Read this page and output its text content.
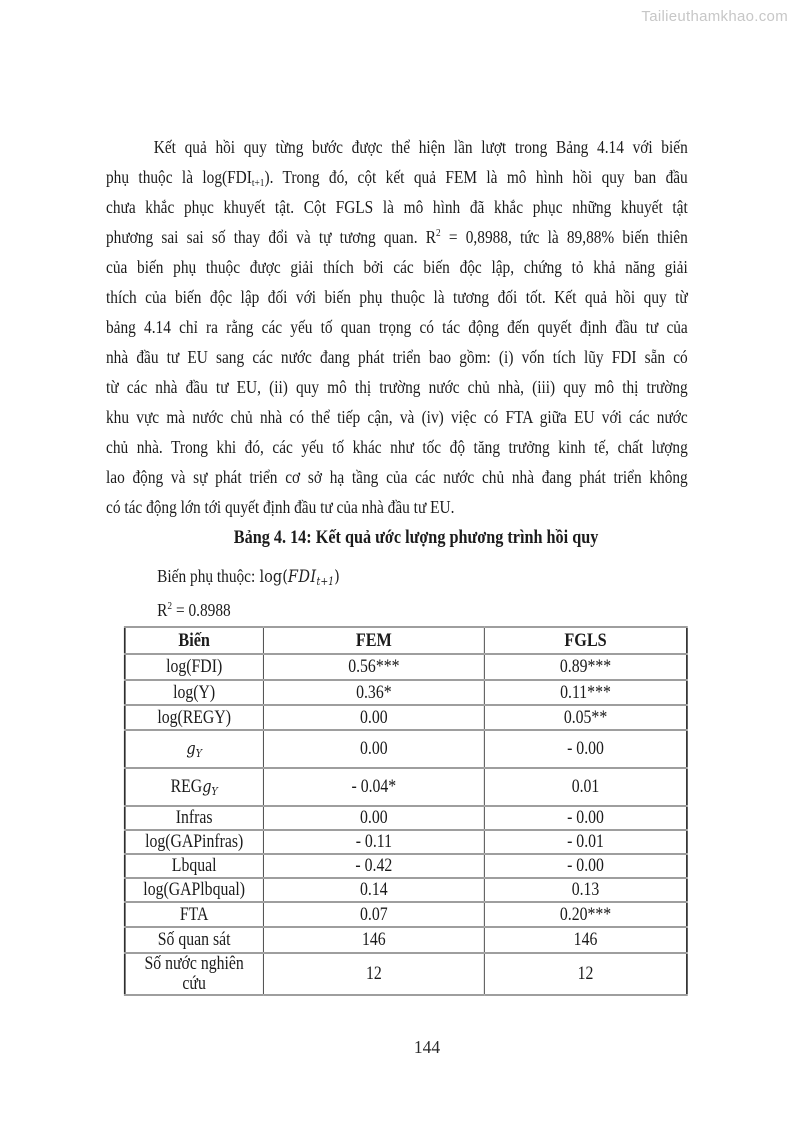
Tailieuthamkhao.com
Kết quả hồi quy từng bước được thể hiện lần lượt trong Bảng 4.14 với biến
phụ thuộc là $\log(FDI_{t+1})$. Trong đó, cột kết quả FEM là mô hình hồi quy ban đầu
chưa khắc phục khuyết tật. Cột FGLS là mô hình đã khắc phục những khuyết tật
phương sai sai số thay đổi và tự tương quan. $R^2 = 0,8988$, tức là 89,88% biến thiên
của biến phụ thuộc được giải thích bởi các biến độc lập, chứng tỏ khả năng giải
thích của biến độc lập đối với biến phụ thuộc là tương đối tốt. Kết quả hồi quy từ
bảng 4.14 chỉ ra rằng các yếu tố quan trọng có tác động đến quyết định đầu tư của
nhà đầu tư EU sang các nước đang phát triển bao gồm: (i) vốn tích lũy FDI sẵn có
từ các nhà đầu tư EU, (ii) quy mô thị trường nước chủ nhà, (iii) quy mô thị trường
khu vực mà nước chủ nhà có thể tiếp cận, và (iv) việc có FTA giữa EU với các nước
chủ nhà. Trong khi đó, các yếu tố khác như tốc độ tăng trưởng kinh tế, chất lượng
lao động và sự phát triển cơ sở hạ tầng của các nước chủ nhà đang phát triển không
có tác động lớn tới quyết định đầu tư của nhà đầu tư EU.
Bảng 4. 14: Kết quả ước lượng phương trình hồi quy
Biến phụ thuộc: $\log(FDI_{t+1})$
$R^2 = 0.8988$
Biến	FEM	FGLS
log(FDI)	0.56***	0.89***
log(Y)	0.36*	0.11***
log(REGY)	0.00	0.05**
$g_Y$	0.00	- 0.00
REGg$_Y$	- 0.04*	0.01
Infras	0.00	- 0.00
log(GAPinfras)	- 0.11	- 0.01
Lbqual	- 0.42	- 0.00
log(GAPlbqual)	0.14	0.13
FTA	0.07	0.20***
Số quan sát	146	146
Số nước nghiên
cứu	12	12
144
